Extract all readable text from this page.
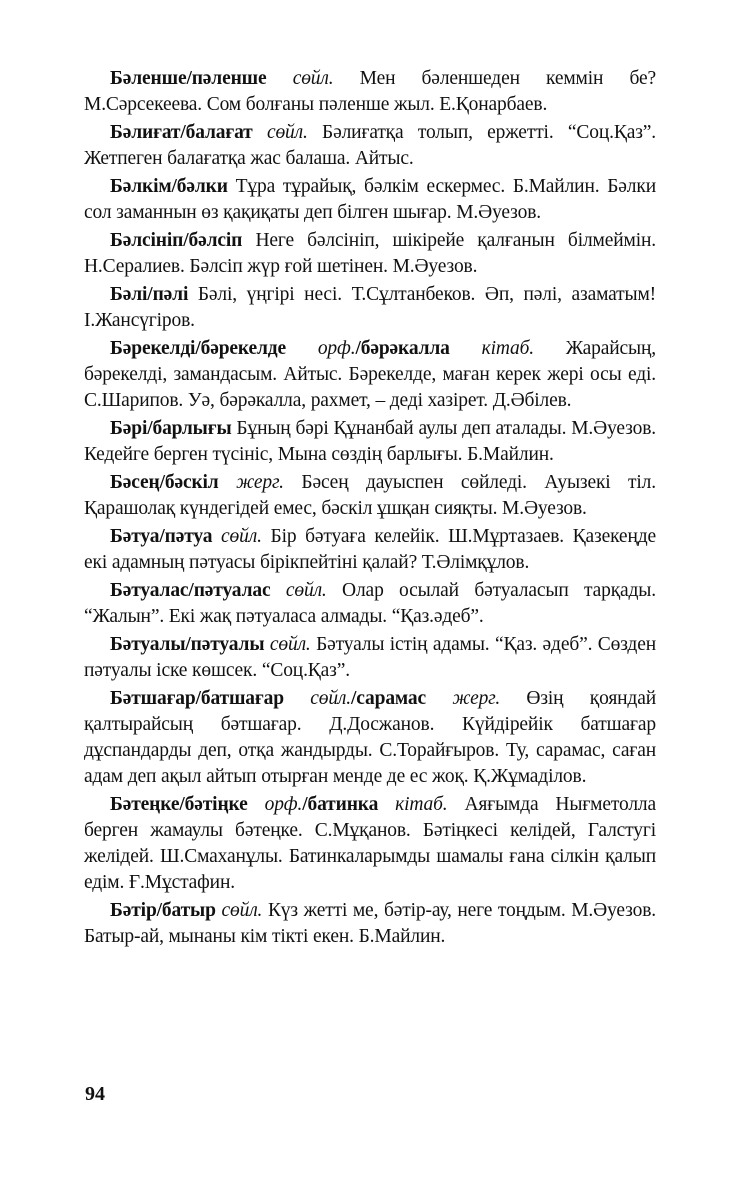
Бәленше/пәленше сөйл. Мен бәленшеден кеммін бе? М.Сәрсекеева. Сом болғаны пәленше жыл. Е.Қонарбаев.

Бәлиғат/балағат сөйл. Бәлиғатқа толып, ержетті. “Соц.Қаз”. Жетпеген балағатқа жас балаша. Айтыс.

Бәлкім/бәлки Тұра тұрайық, бәлкім ескермес. Б.Майлин. Бәлки сол заманнын өз қақиқаты деп білген шығар. М.Әуезов.

Бәлсініп/бәлсіп Неге бәлсініп, шікірейе қалғанын білмеймін. Н.Сералиев. Бәлсіп жүр ғой шетінен. М.Әуезов.

Бәлі/пәлі Бәлі, үңгірі несі. Т.Сұлтанбеков. Әп, пәлі, азаматым! І.Жансүгіров.

Бәрекелді/бәрекелде орф./бәрәкалла кітаб. Жарайсың, бәрекелді, замандасым. Айтыс. Бәрекелде, маған керек жері осы еді. С.Шарипов. Уә, бәрәкалла, рахмет, – деді хазірет. Д.Әбілев.

Бәрі/барлығы Бұның бәрі Құнанбай аулы деп аталады. М.Әуезов. Кедейге берген түсініс, Мына сөздің барлығы. Б.Майлин.

Бәсең/бәскіл жерг. Бәсең дауыспен сөйледі. Ауызекі тіл. Қарашолақ күндегідей емес, бәскіл ұшқан сияқты. М.Әуезов.

Бәтуа/пәтуа сөйл. Бір бәтуаға келейік. Ш.Мұртазаев. Қазекеңде екі адамның пәтуасы бірікпейтіні қалай? Т.Әлімқұлов.

Бәтуалас/пәтуалас сөйл. Олар осылай бәтуаласып тарқады. “Жалын”. Екі жақ пәтуаласа алмады. “Қаз.әдеб”.

Бәтуалы/пәтуалы сөйл. Бәтуалы істің адамы. “Қаз. әдеб”. Сөзден пәтуалы іске көшсек. “Соц.Қаз”.

Бәтшағар/батшағар сөйл./сарамас жерг. Өзің қояндай қалтырайсың бәтшағар. Д.Досжанов. Күйдірейік батшағар дұспандарды деп, отқа жандырды. С.Торайғыров. Ту, сарамас, саған адам деп ақыл айтып отырған менде де ес жоқ. Қ.Жұмаділов.

Бәтеңке/бәтіңке орф./батинка кітаб. Аяғымда Нығметолла берген жамаулы бәтеңке. С.Мұқанов. Бәтіңкесі келідей, Галстугі желідей. Ш.Смаханұлы. Батинкаларымды шамалы ғана сілкін қалып едім. Ғ.Мұстафин.

Бәтір/батыр сөйл. Күз жетті ме, бәтір-ау, неге тоңдым. М.Әуезов. Батыр-ай, мынаны кім тікті екен. Б.Майлин.

94
